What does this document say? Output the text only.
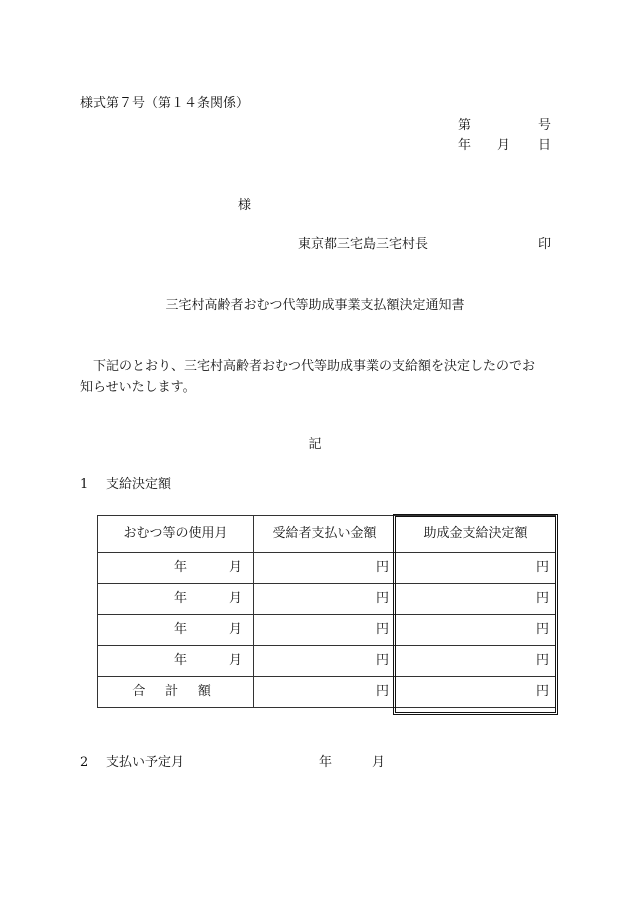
様式第７号（第１４条関係）
第	号
年 月 日
様
東京都三宅島三宅村長	印
三宅村高齢者おむつ代等助成事業支払額決定通知書
下記のとおり、三宅村高齢者おむつ代等助成事業の支給額を決定したのでお
知らせいたします。
記
1 支給決定額
おむつ等の使用月	受給者支払い金額	助成金支給決定額
年 月	円	円
年 月	円	円
年 月	円	円
年 月	円	円
合 計 額	円	円
2 支払い予定月	年	月
